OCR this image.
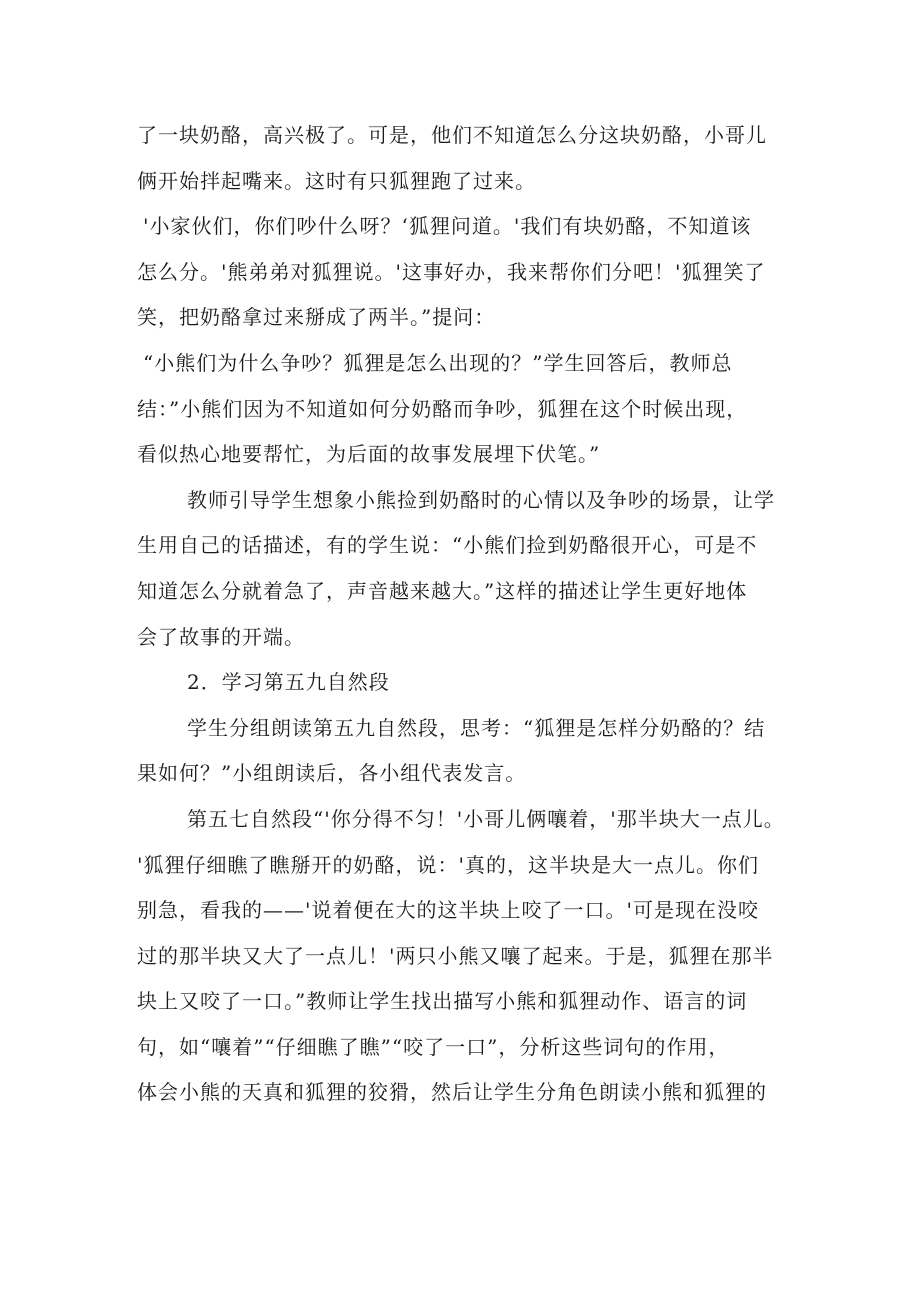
了一块奶酪，高兴极了。可是，他们不知道怎么分这块奶酪，小哥儿
俩开始拌起嘴来。这时有只狐狸跑了过来。
'小家伙们，你们吵什么呀？‘狐狸问道。'我们有块奶酪，不知道该
怎么分。'熊弟弟对狐狸说。'这事好办，我来帮你们分吧！'狐狸笑了
笑，把奶酪拿过来掰成了两半。”提问：
“小熊们为什么争吵？狐狸是怎么出现的？”学生回答后，教师总
结：”小熊们因为不知道如何分奶酪而争吵，狐狸在这个时候出现，
看似热心地要帮忙，为后面的故事发展埋下伏笔。”
教师引导学生想象小熊捡到奶酪时的心情以及争吵的场景，让学
生用自己的话描述，有的学生说：“小熊们捡到奶酪很开心，可是不
知道怎么分就着急了，声音越来越大。”这样的描述让学生更好地体
会了故事的开端。
2．学习第五九自然段
学生分组朗读第五九自然段，思考：“狐狸是怎样分奶酪的？结
果如何？”小组朗读后，各小组代表发言。
第五七自然段“'你分得不匀！'小哥儿俩嚷着，'那半块大一点儿。
'狐狸仔细瞧了瞧掰开的奶酪，说：'真的，这半块是大一点儿。你们
别急，看我的——'说着便在大的这半块上咬了一口。'可是现在没咬
过的那半块又大了一点儿！'两只小熊又嚷了起来。于是，狐狸在那半
块上又咬了一口。”教师让学生找出描写小熊和狐狸动作、语言的词
句，如“嚷着”“仔细瞧了瞧”“咬了一口”，分析这些词句的作用，
体会小熊的天真和狐狸的狡猾，然后让学生分角色朗读小熊和狐狸的
